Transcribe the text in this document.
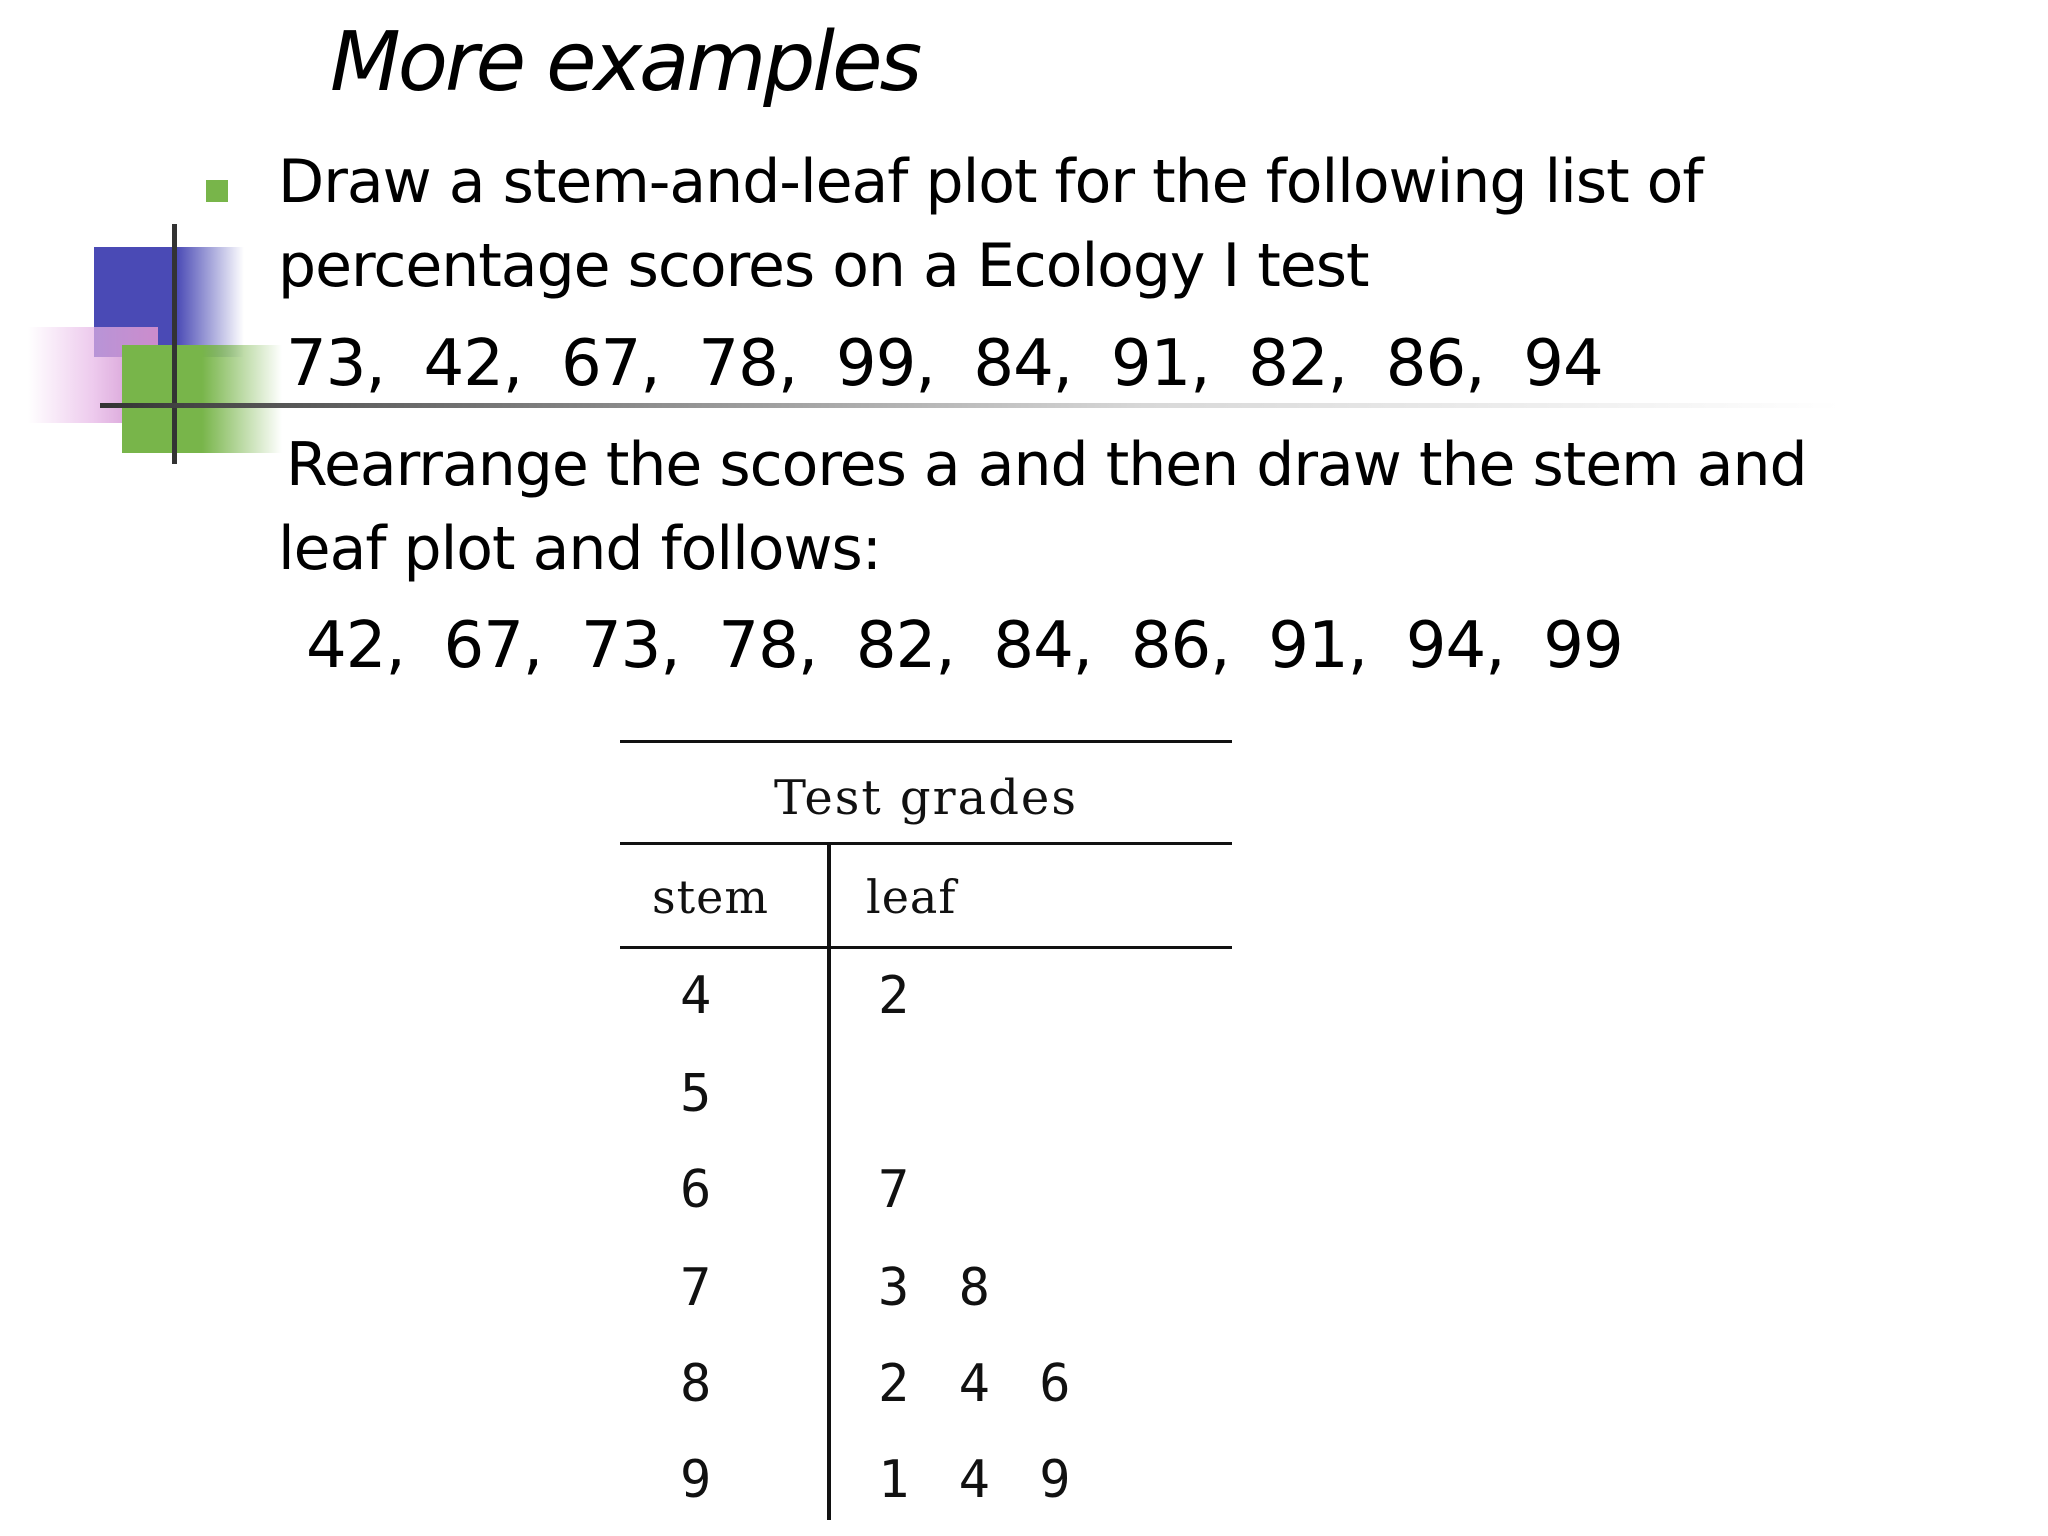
More examples
Draw a stem-and-leaf plot for the following list of
percentage scores on a Ecology I test
73,  42,  67,  78,  99,  84,  91,  82,  86,  94
Rearrange the scores a and then draw the stem and
leaf plot and follows:
42,  67,  73,  78,  82,  84,  86,  91,  94,  99
Test grades
stem leaf
4	2
5
6	7
7	3 8
8	2 4 6
9	1 4 9
